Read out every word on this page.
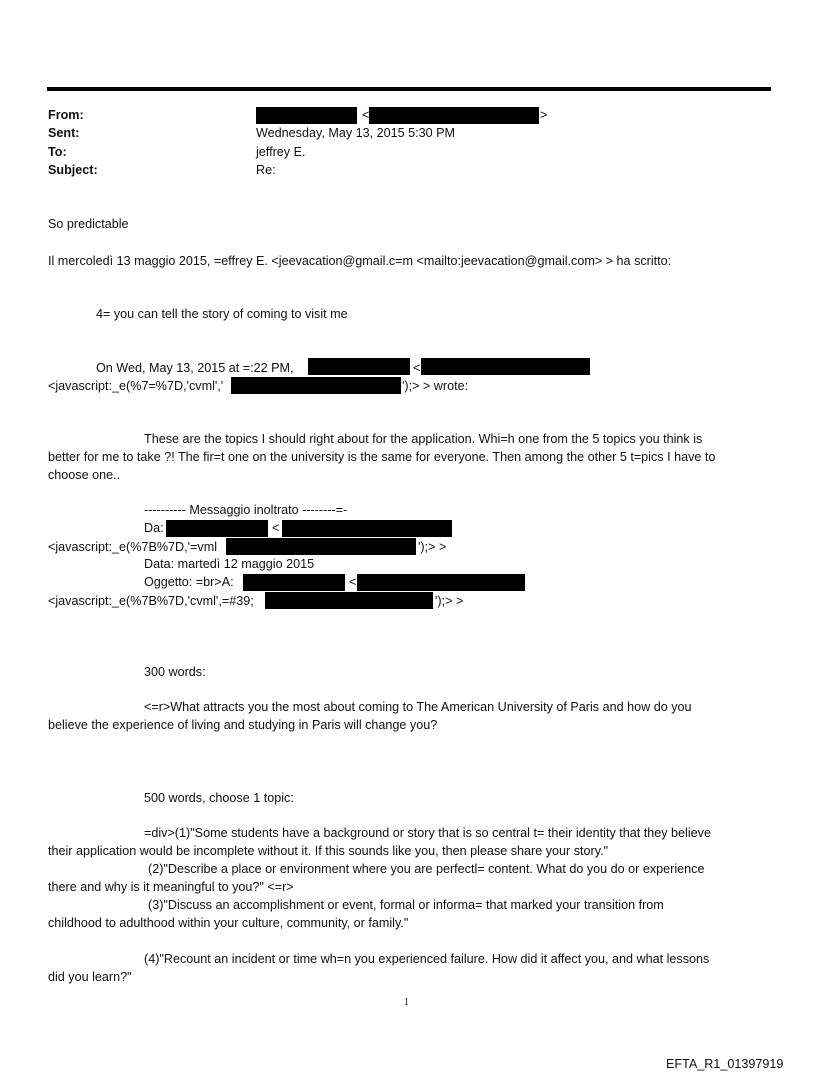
From:	<	>
Sent:	Wednesday, May 13, 2015 5:30 PM
To:	jeffrey E.
Subject:	Re:
So predictable
Il mercoledì 13 maggio 2015, =effrey E. <jeevacation@gmail.c=m <mailto:jeevacation@gmail.com> > ha scritto:
4= you can tell the story of coming to visit me
On Wed, May 13, 2015 at =:22 PM,	<
<javascript:_e(%7=%7D,'cvml','	');> > wrote:
These are the topics I should right about for the application. Whi=h one from the 5 topics you think is
better for me to take ?! The fir=t one on the university is the same for everyone. Then among the other 5 t=pics I have to
choose one..
---------- Messaggio inoltrato --------=-
Da:	<
<javascript:_e(%7B%7D,'=vml	');> >
Data: martedì 12 maggio 2015
Oggetto: =br>A:	<
<javascript:_e(%7B%7D,'cvml',=#39;	');> >
300 words:
<=r>What attracts you the most about coming to The American University of Paris and how do you
believe the experience of living and studying in Paris will change you?
500 words, choose 1 topic:
=div>(1)"Some students have a background or story that is so central t= their identity that they believe
their application would be incomplete without it. If this sounds like you, then please share your story."
(2)"Describe a place or environment where you are perfectl= content. What do you do or experience
there and why is it meaningful to you?" <=r>
(3)"Discuss an accomplishment or event, formal or informa= that marked your transition from
childhood to adulthood within your culture, community, or family."
(4)"Recount an incident or time wh=n you experienced failure. How did it affect you, and what lessons
did you learn?"
1
EFTA_R1_01397919
